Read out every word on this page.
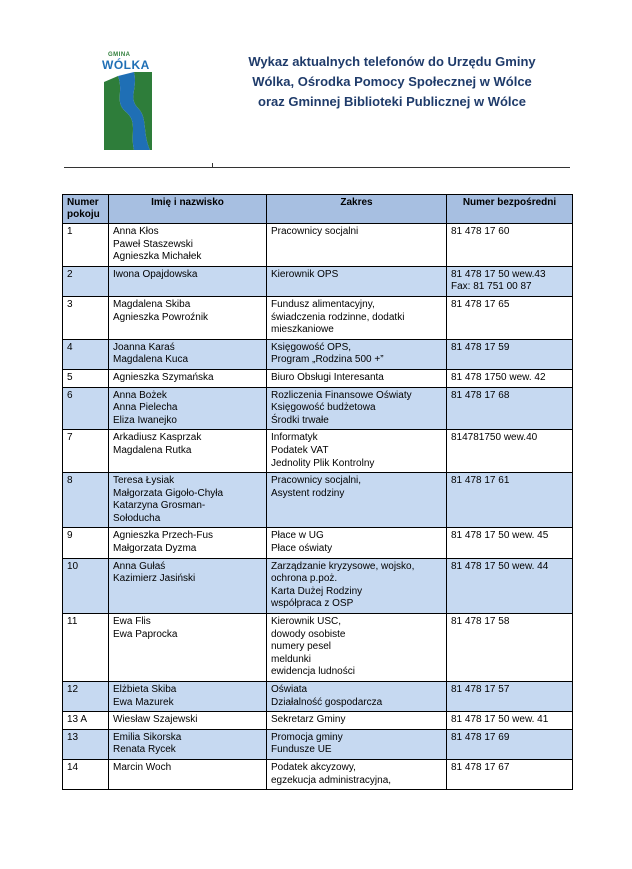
GMINA
WÓLKA	Wykaz aktualnych telefonów do Urzędu Gminy
Wólka, Ośrodka Pomocy Społecznej w Wólce
oraz Gminnej Biblioteki Publicznej w Wólce
Numer
pokoju	Imię i nazwisko	Zakres	Numer bezpośredni
1	Anna Kłos
Paweł Staszewski
Agnieszka Michałek	Pracownicy socjalni	81 478 17 60

2	Iwona Opajdowska	Kierownik OPS	81 478 17 50 wew.43
Fax: 81 751 00 87

3	Magdalena Skiba
Agnieszka Powroźnik	Fundusz alimentacyjny,
świadczenia rodzinne, dodatki
mieszkaniowe	81 478 17 65

4	Joanna Karaś
Magdalena Kuca	Księgowość OPS,
Program „Rodzina 500 +”	81 478 17 59

5	Agnieszka Szymańska	Biuro Obsługi Interesanta	81 478 1750 wew. 42

6	Anna Bożek
Anna Pielecha
Eliza Iwanejko	Rozliczenia Finansowe Oświaty
Księgowość budżetowa
Środki trwałe	81 478 17 68

7	Arkadiusz Kasprzak
Magdalena Rutka	Informatyk
Podatek VAT
Jednolity Plik Kontrolny	814781750 wew.40

8	Teresa Łysiak
Małgorzata Gigoło-Chyła
Katarzyna Grosman-
Sołoducha	Pracownicy socjalni,
Asystent rodziny	81 478 17 61

9	Agnieszka Przech-Fus
Małgorzata Dyzma	Płace w UG
Płace oświaty	81 478 17 50 wew. 45

10	Anna Gułaś
Kazimierz Jasiński	Zarządzanie kryzysowe, wojsko,
ochrona p.poż.
Karta Dużej Rodziny
współpraca z OSP	81 478 17 50 wew. 44

11	Ewa Flis
Ewa Paprocka	Kierownik USC,
dowody osobiste
numery pesel
meldunki
ewidencja ludności	81 478 17 58

12	Elżbieta Skiba
Ewa Mazurek	Oświata
Działalność gospodarcza	81 478 17 57

13 A	Wiesław Szajewski	Sekretarz Gminy	81 478 17 50 wew. 41

13	Emilia Sikorska
Renata Rycek	Promocja gminy
Fundusze UE	81 478 17 69

14	Marcin Woch	Podatek akcyzowy,
egzekucja administracyjna,	81 478 17 67
